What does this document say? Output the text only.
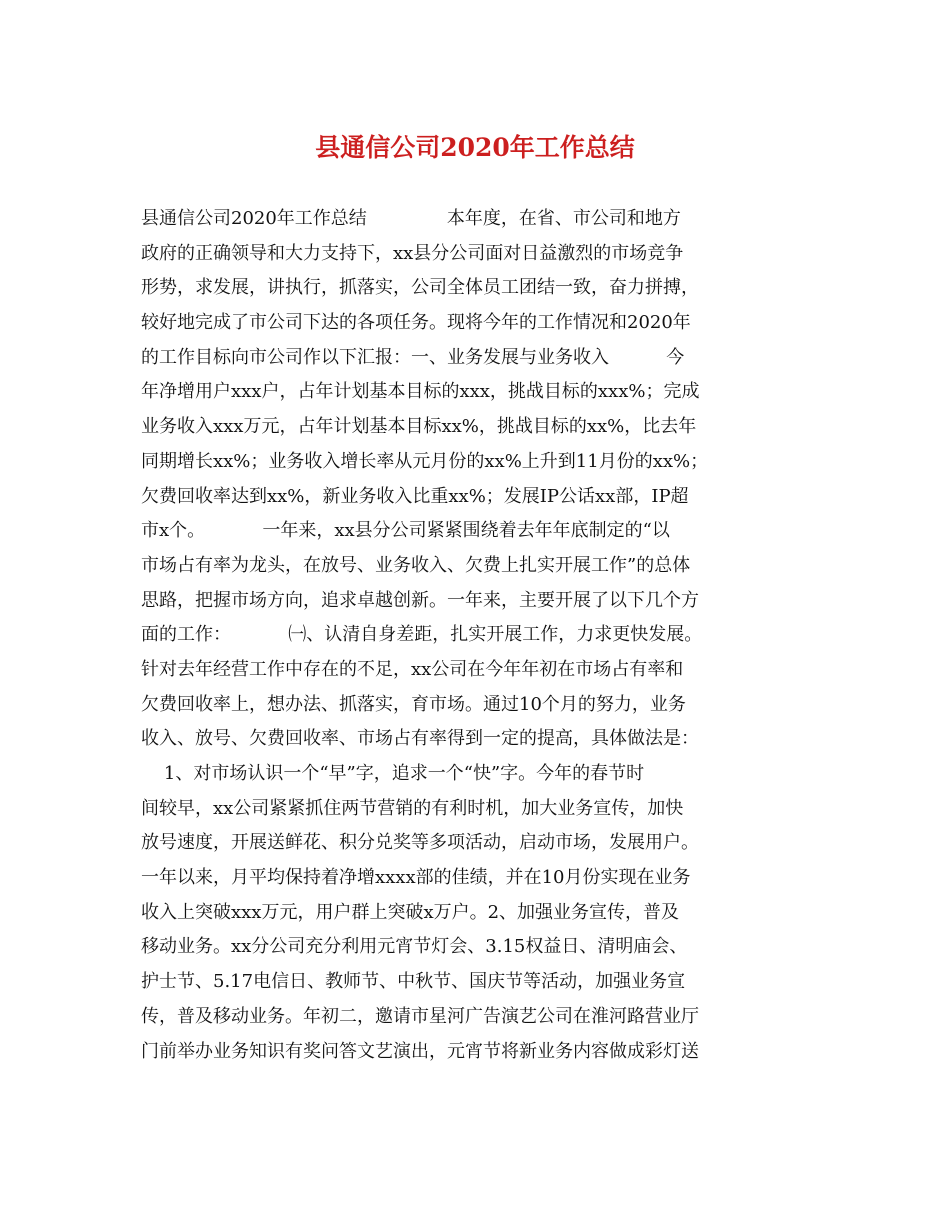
县通信公司2020年工作总结
县通信公司2020年工作总结              本年度，在省、市公司和地方
政府的正确领导和大力支持下，xx县分公司面对日益激烈的市场竞争
形势，求发展，讲执行，抓落实，公司全体员工团结一致，奋力拼搏，
较好地完成了市公司下达的各项任务。现将今年的工作情况和2020年
的工作目标向市公司作以下汇报：一、业务发展与业务收入          今
年净增用户xxx户，占年计划基本目标的xxx，挑战目标的xxx%；完成
业务收入xxx万元，占年计划基本目标xx%，挑战目标的xx%，比去年
同期增长xx%；业务收入增长率从元月份的xx%上升到11月份的xx%；
欠费回收率达到xx%，新业务收入比重xx%；发展IP公话xx部，IP超
市x个。          一年来，xx县分公司紧紧围绕着去年年底制定的“以
市场占有率为龙头，在放号、业务收入、欠费上扎实开展工作”的总体
思路，把握市场方向，追求卓越创新。一年来，主要开展了以下几个方
面的工作：          ㈠、认清自身差距，扎实开展工作，力求更快发展。
针对去年经营工作中存在的不足，xx公司在今年年初在市场占有率和
欠费回收率上，想办法、抓落实，育市场。通过10个月的努力，业务
收入、放号、欠费回收率、市场占有率得到一定的提高，具体做法是：
1、对市场认识一个“早”字，追求一个“快”字。今年的春节时
间较早，xx公司紧紧抓住两节营销的有利时机，加大业务宣传，加快
放号速度，开展送鲜花、积分兑奖等多项活动，启动市场，发展用户。
一年以来，月平均保持着净增xxxx部的佳绩，并在10月份实现在业务
收入上突破xxx万元，用户群上突破x万户。2、加强业务宣传，普及
移动业务。xx分公司充分利用元宵节灯会、3.15权益日、清明庙会、
护士节、5.17电信日、教师节、中秋节、国庆节等活动，加强业务宣
传，普及移动业务。年初二，邀请市星河广告演艺公司在淮河路营业厅
门前举办业务知识有奖问答文艺演出，元宵节将新业务内容做成彩灯送
